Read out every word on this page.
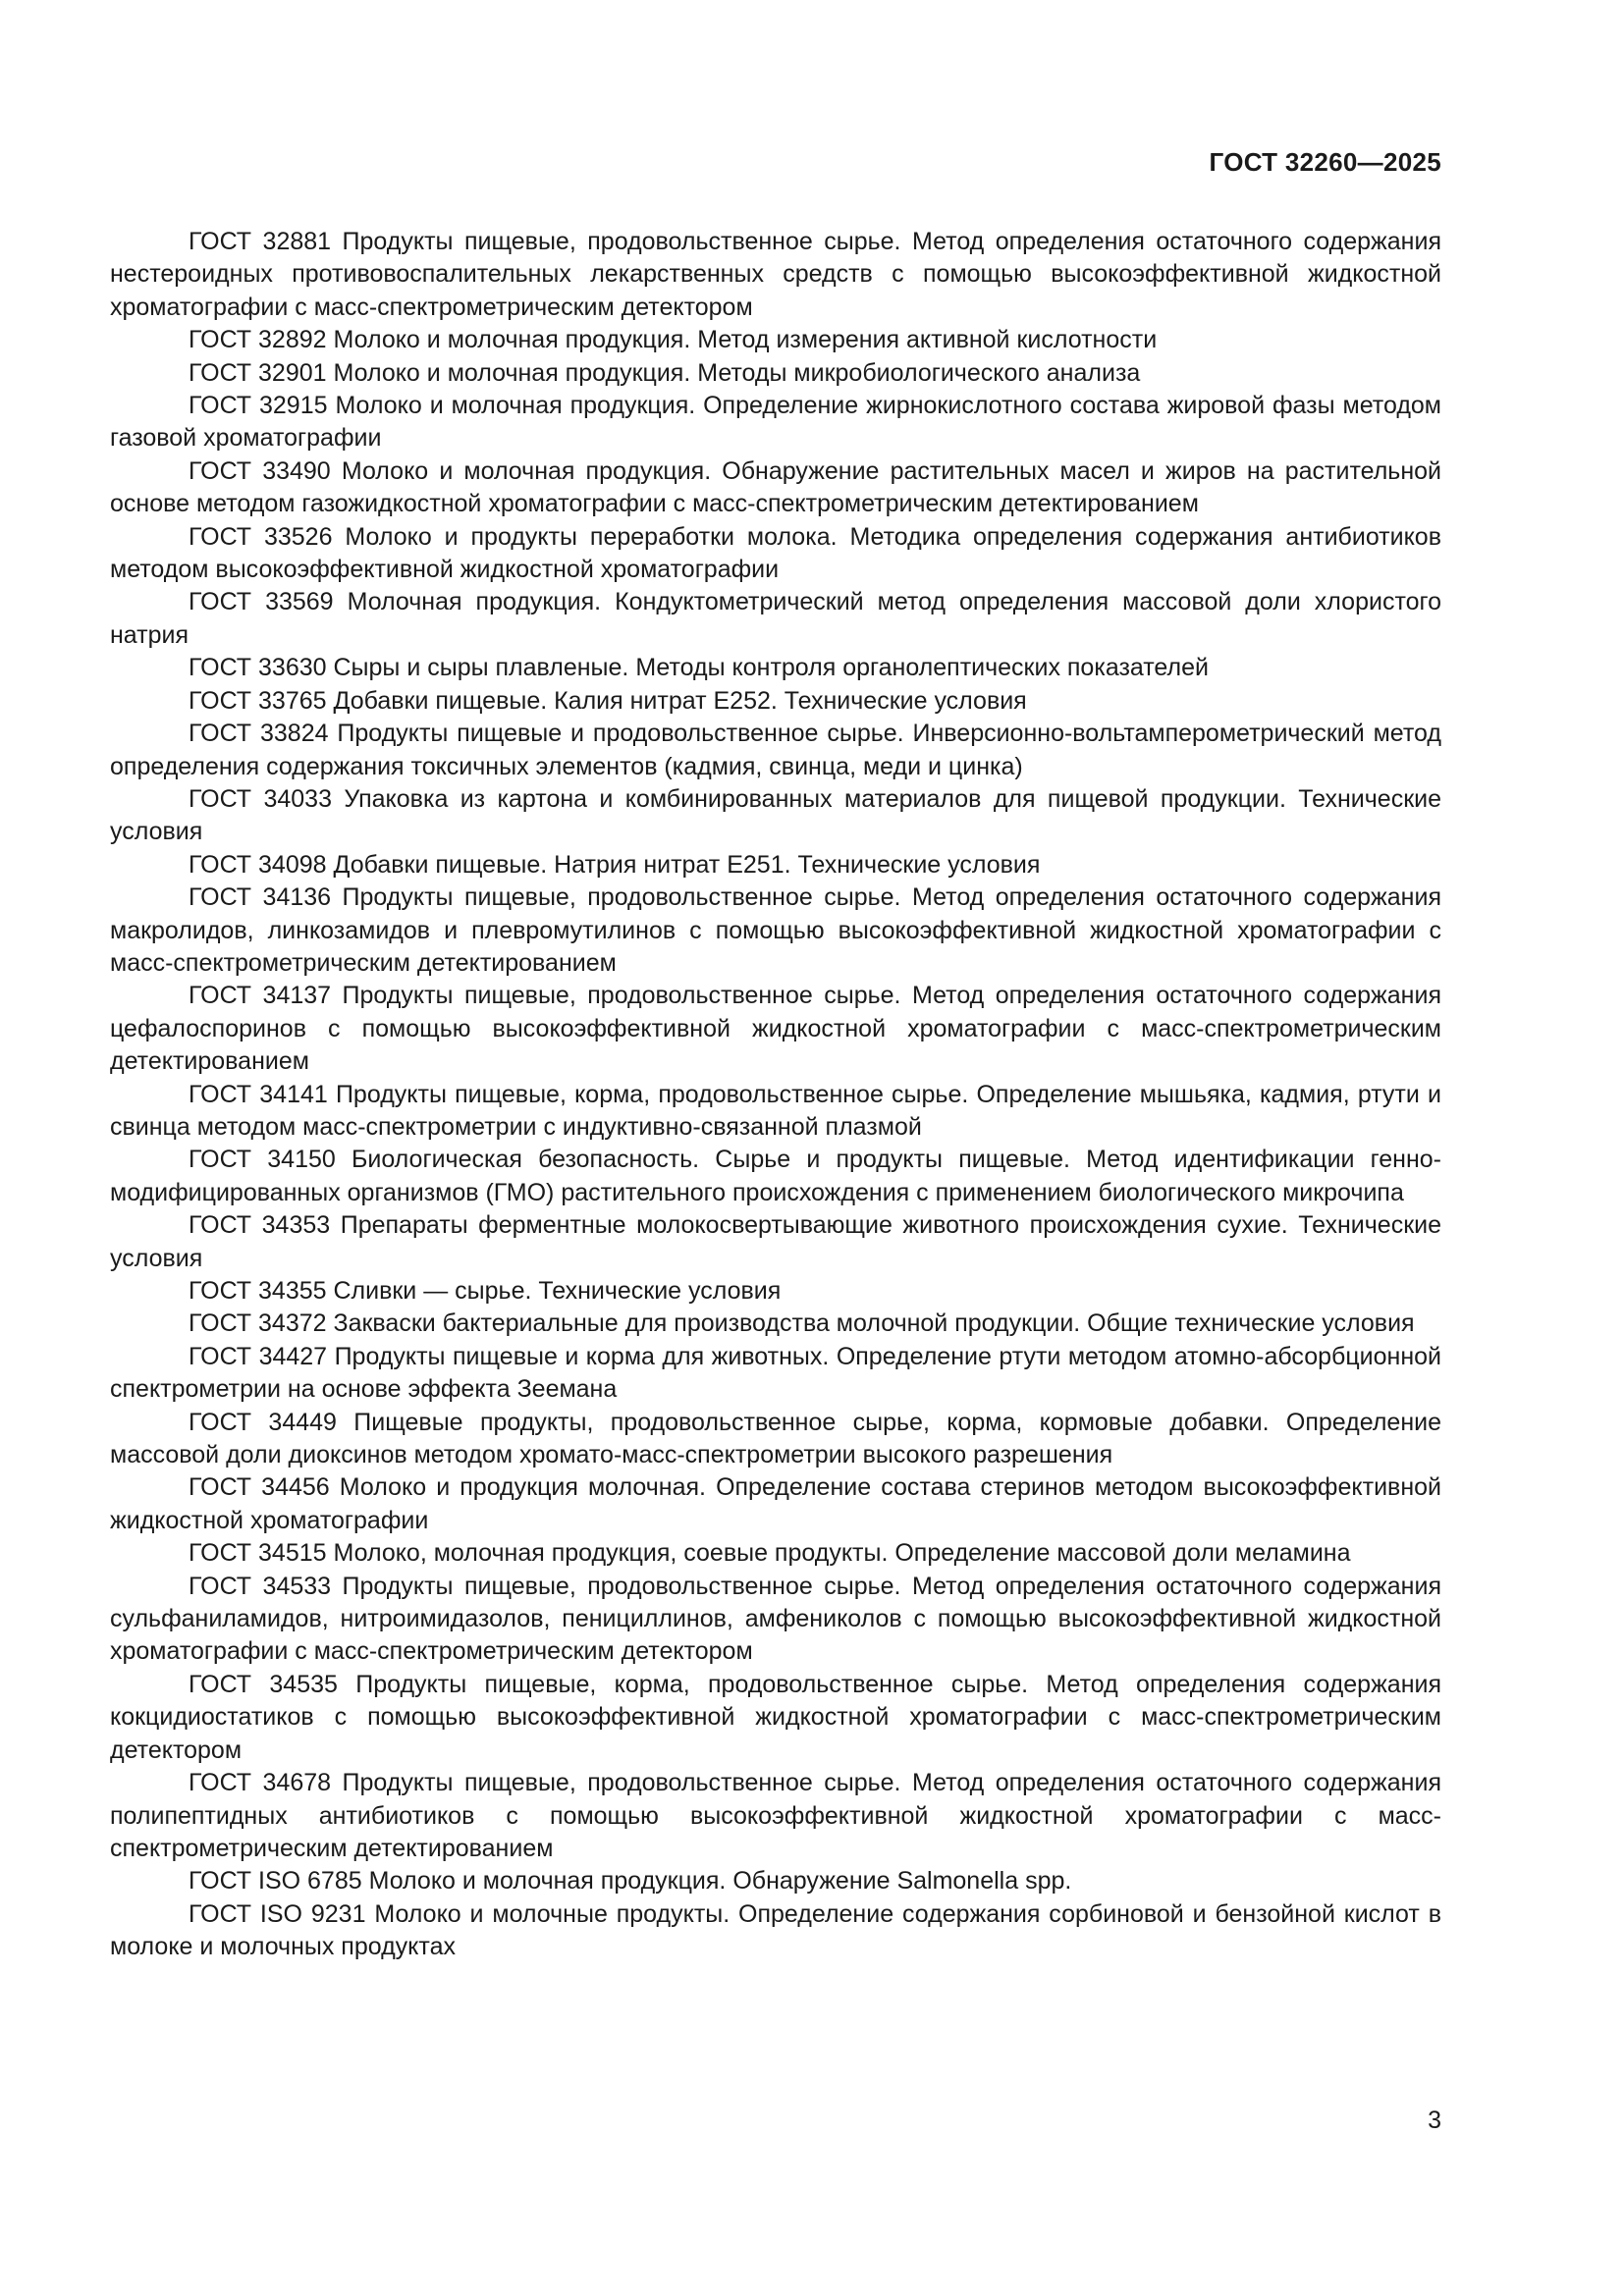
ГОСТ 32260—2025
ГОСТ 32881 Продукты пищевые, продовольственное сырье. Метод определения остаточного содержания нестероидных противовоспалительных лекарственных средств с помощью высокоэффективной жидкостной хроматографии с масс-спектрометрическим детектором
ГОСТ 32892 Молоко и молочная продукция. Метод измерения активной кислотности
ГОСТ 32901 Молоко и молочная продукция. Методы микробиологического анализа
ГОСТ 32915 Молоко и молочная продукция. Определение жирнокислотного состава жировой фазы методом газовой хроматографии
ГОСТ 33490 Молоко и молочная продукция. Обнаружение растительных масел и жиров на растительной основе методом газожидкостной хроматографии с масс-спектрометрическим детектированием
ГОСТ 33526 Молоко и продукты переработки молока. Методика определения содержания антибиотиков методом высокоэффективной жидкостной хроматографии
ГОСТ 33569 Молочная продукция. Кондуктометрический метод определения массовой доли хлористого натрия
ГОСТ 33630 Сыры и сыры плавленые. Методы контроля органолептических показателей
ГОСТ 33765 Добавки пищевые. Калия нитрат Е252. Технические условия
ГОСТ 33824 Продукты пищевые и продовольственное сырье. Инверсионно-вольтамперометрический метод определения содержания токсичных элементов (кадмия, свинца, меди и цинка)
ГОСТ 34033 Упаковка из картона и комбинированных материалов для пищевой продукции. Технические условия
ГОСТ 34098 Добавки пищевые. Натрия нитрат Е251. Технические условия
ГОСТ 34136 Продукты пищевые, продовольственное сырье. Метод определения остаточного содержания макролидов, линкозамидов и плевромутилинов с помощью высокоэффективной жидкостной хроматографии с масс-спектрометрическим детектированием
ГОСТ 34137 Продукты пищевые, продовольственное сырье. Метод определения остаточного содержания цефалоспоринов с помощью высокоэффективной жидкостной хроматографии с масс-спектрометрическим детектированием
ГОСТ 34141 Продукты пищевые, корма, продовольственное сырье. Определение мышьяка, кадмия, ртути и свинца методом масс-спектрометрии с индуктивно-связанной плазмой
ГОСТ 34150 Биологическая безопасность. Сырье и продукты пищевые. Метод идентификации генно-модифицированных организмов (ГМО) растительного происхождения с применением биологического микрочипа
ГОСТ 34353 Препараты ферментные молокосвертывающие животного происхождения сухие. Технические условия
ГОСТ 34355 Сливки — сырье. Технические условия
ГОСТ 34372 Закваски бактериальные для производства молочной продукции. Общие технические условия
ГОСТ 34427 Продукты пищевые и корма для животных. Определение ртути методом атомно-абсорбционной спектрометрии на основе эффекта Зеемана
ГОСТ 34449 Пищевые продукты, продовольственное сырье, корма, кормовые добавки. Определение массовой доли диоксинов методом хромато-масс-спектрометрии высокого разрешения
ГОСТ 34456 Молоко и продукция молочная. Определение состава стеринов методом высокоэффективной жидкостной хроматографии
ГОСТ 34515 Молоко, молочная продукция, соевые продукты. Определение массовой доли меламина
ГОСТ 34533 Продукты пищевые, продовольственное сырье. Метод определения остаточного содержания сульфаниламидов, нитроимидазолов, пенициллинов, амфениколов с помощью высокоэффективной жидкостной хроматографии с масс-спектрометрическим детектором
ГОСТ 34535 Продукты пищевые, корма, продовольственное сырье. Метод определения содержания кокцидиостатиков с помощью высокоэффективной жидкостной хроматографии с масс-спектрометрическим детектором
ГОСТ 34678 Продукты пищевые, продовольственное сырье. Метод определения остаточного содержания полипептидных антибиотиков с помощью высокоэффективной жидкостной хроматографии с масс-спектрометрическим детектированием
ГОСТ ISO 6785 Молоко и молочная продукция. Обнаружение Salmonella spp.
ГОСТ ISO 9231 Молоко и молочные продукты. Определение содержания сорбиновой и бензойной кислот в молоке и молочных продуктах
3
